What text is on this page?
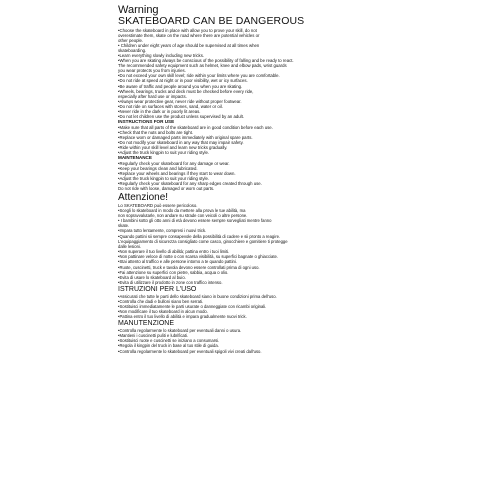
Warning
SKATEBOARD CAN BE DANGEROUS
•Choose the skateboard in place with allow you to prove your skill, do not
overestimate them, skate on the road where there are potential vehicles or
other people.
• Children under eight years of age should be supervised at all times when
skateboarding.
•Learn everything slowly including new tricks.
•When you are skating always be conscious of the possibility of falling and be ready to react.
The recommended safety equipment such as helmet, knee and elbow pads, wrist guards
you wear protects you from injuries.
•Do not exceed your own skill level; ride within your limits where you are comfortable.
•Do not ride at speed at night or in poor visibility, wet or icy surfaces.
•Be aware of traffic and people around you when you are skating.
•Wheels, bearings, trucks and deck must be checked before every ride,
especially after hard use or impacts.
•Always wear protective gear, never ride without proper footwear.
•Do not ride on surfaces with stones, sand, water or oil.
•Never ride in the dark or in poorly lit areas.
•Do not let children use the product unless supervised by an adult.
INSTRUCTIONS FOR USE
•Make sure that all parts of the skateboard are in good condition before each use.
•Check that the nuts and bolts are tight.
•Replace worn or damaged parts immediately with original spare parts.
•Do not modify your skateboard in any way that may impair safety.
•Ride within your skill level and learn new tricks gradually.
•Adjust the truck kingpin to suit your riding style.
MAINTENANCE
•Regularly check your skateboard for any damage or wear.
•Keep your bearings clean and lubricated.
•Replace your wheels and bearings if they start to wear down.
•Adjust the truck kingpin to suit your riding style.
•Regularly check your skateboard for any sharp edges created through use.
Do not ride with loose, damaged or worn out parts.
Attenzione!
Lo SKATEBOARD può essere pericoloso.
•Scegli lo skateboard in modo da mettere alla prova le tue abilità, ma
non sopravvalutarle, non andare su strade con veicoli o altre persone.
• I bambini sotto gli otto anni di età devono essere sempre sorvegliati mentre fanno
skate.
•Impara tutto lentamente, compresi i nuovi trick.
•Quando pattini sii sempre consapevole della possibilità di cadere e sii pronto a reagire.
L'equipaggiamento di sicurezza consigliato come casco, ginocchiere e gomitiere ti protegge
dalle lesioni.
•Non superare il tuo livello di abilità; pattina entro i tuoi limiti.
•Non pattinare veloce di notte o con scarsa visibilità, su superfici bagnate o ghiacciate.
•Stai attento al traffico e alle persone intorno a te quando pattini.
•Ruote, cuscinetti, truck e tavola devono essere controllati prima di ogni uso.
•Fai attenzione su superfici con pietre, sabbia, acqua o olio.
•Evita di usare lo skateboard al buio.
•Evita di utilizzare il prodotto in zone con traffico intenso.
ISTRUZIONI PER L'USO
•Assicurati che tutte le parti dello skateboard siano in buone condizioni prima dell'uso.
•Controlla che dadi e bulloni siano ben serrati.
•Sostituisci immediatamente le parti usurate o danneggiate con ricambi originali.
•Non modificare il tuo skateboard in alcun modo.
•Pattina entro il tuo livello di abilità e impara gradualmente nuovi trick.
MANUTENZIONE
•Controlla regolarmente lo skateboard per eventuali danni o usura.
•Mantieni i cuscinetti puliti e lubrificati.
•Sostituisci ruote e cuscinetti se iniziano a consumarsi.
•Regola il kingpin del truck in base al tuo stile di guida.
•Controlla regolarmente lo skateboard per eventuali spigoli vivi creati dall'uso.
